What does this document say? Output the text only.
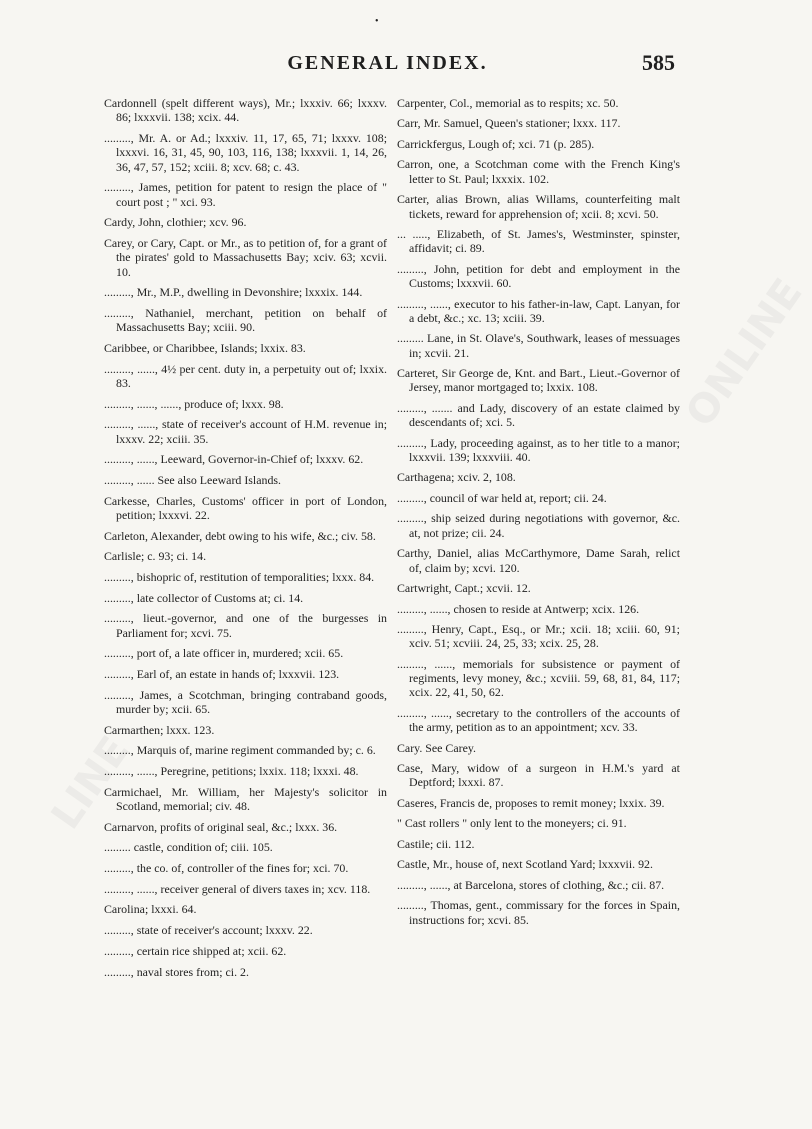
•
ONLINE
LINE
GENERAL INDEX.	585

Cardonnell (spelt different ways), Mr.; lxxxiv. 66; lxxxv. 86; lxxxvii. 138; xcix. 44.

........., Mr. A. or Ad.; lxxxiv. 11, 17, 65, 71; lxxxv. 108; lxxxvi. 16, 31, 45, 90, 103, 116, 138; lxxxvii. 1, 14, 26, 36, 47, 57, 152; xciii. 8; xcv. 68; c. 43.

........., James, petition for patent to resign the place of " court post ; " xci. 93.

Cardy, John, clothier; xcv. 96.

Carey, or Cary, Capt. or Mr., as to petition of, for a grant of the pirates' gold to Massachusetts Bay; xciv. 63; xcvii. 10.

........., Mr., M.P., dwelling in Devonshire; lxxxix. 144.

........., Nathaniel, merchant, petition on behalf of Massachusetts Bay; xciii. 90.

Caribbee, or Charibbee, Islands; lxxix. 83.

........., ......, 4½ per cent. duty in, a perpetuity out of; lxxix. 83.

........., ......, ......, produce of; lxxx. 98.

........., ......, state of receiver's account of H.M. revenue in; lxxxv. 22; xciii. 35.

........., ......, Leeward, Governor-in-Chief of; lxxxv. 62.

........., ...... See also Leeward Islands.

Carkesse, Charles, Customs' officer in port of London, petition; lxxxvi. 22.

Carleton, Alexander, debt owing to his wife, &c.; civ. 58.

Carlisle; c. 93; ci. 14.

........., bishopric of, restitution of temporalities; lxxx. 84.

........., late collector of Customs at; ci. 14.

........., lieut.-governor, and one of the burgesses in Parliament for; xcvi. 75.

........., port of, a late officer in, murdered; xcii. 65.

........., Earl of, an estate in hands of; lxxxvii. 123.

........., James, a Scotchman, bringing contraband goods, murder by; xcii. 65.

Carmarthen; lxxx. 123.

........., Marquis of, marine regiment commanded by; c. 6.

........., ......, Peregrine, petitions; lxxix. 118; lxxxi. 48.

Carmichael, Mr. William, her Majesty's solicitor in Scotland, memorial; civ. 48.

Carnarvon, profits of original seal, &c.; lxxx. 36.

......... castle, condition of; ciii. 105.

........., the co. of, controller of the fines for; xci. 70.

........., ......, receiver general of divers taxes in; xcv. 118.

Carolina; lxxxi. 64.

........., state of receiver's account; lxxxv. 22.

........., certain rice shipped at; xcii. 62.

........., naval stores from; ci. 2.

Carpenter, Col., memorial as to respits; xc. 50.

Carr, Mr. Samuel, Queen's stationer; lxxx. 117.

Carrickfergus, Lough of; xci. 71 (p. 285).

Carron, one, a Scotchman come with the French King's letter to St. Paul; lxxxix. 102.

Carter, alias Brown, alias Willams, counterfeiting malt tickets, reward for apprehension of; xcii. 8; xcvi. 50.

... ....., Elizabeth, of St. James's, Westminster, spinster, affidavit; ci. 89.

........., John, petition for debt and employment in the Customs; lxxxvii. 60.

........., ......, executor to his father-in-law, Capt. Lanyan, for a debt, &c.; xc. 13; xciii. 39.

......... Lane, in St. Olave's, Southwark, leases of messuages in; xcvii. 21.

Carteret, Sir George de, Knt. and Bart., Lieut.-Governor of Jersey, manor mortgaged to; lxxix. 108.

........., ....... and Lady, discovery of an estate claimed by descendants of; xci. 5.

........., Lady, proceeding against, as to her title to a manor; lxxxvii. 139; lxxxviii. 40.

Carthagena; xciv. 2, 108.

........., council of war held at, report; cii. 24.

........., ship seized during negotiations with governor, &c. at, not prize; cii. 24.

Carthy, Daniel, alias McCarthymore, Dame Sarah, relict of, claim by; xcvi. 120.

Cartwright, Capt.; xcvii. 12.

........., ......, chosen to reside at Antwerp; xcix. 126.

........., Henry, Capt., Esq., or Mr.; xcii. 18; xciii. 60, 91; xciv. 51; xcviii. 24, 25, 33; xcix. 25, 28.

........., ......, memorials for subsistence or payment of regiments, levy money, &c.; xcviii. 59, 68, 81, 84, 117; xcix. 22, 41, 50, 62.

........., ......, secretary to the controllers of the accounts of the army, petition as to an appointment; xcv. 33.

Cary. See Carey.

Case, Mary, widow of a surgeon in H.M.'s yard at Deptford; lxxxi. 87.

Caseres, Francis de, proposes to remit money; lxxix. 39.

" Cast rollers " only lent to the moneyers; ci. 91.

Castile; cii. 112.

Castle, Mr., house of, next Scotland Yard; lxxxvii. 92.

........., ......, at Barcelona, stores of clothing, &c.; cii. 87.

........., Thomas, gent., commissary for the forces in Spain, instructions for; xcvi. 85.
